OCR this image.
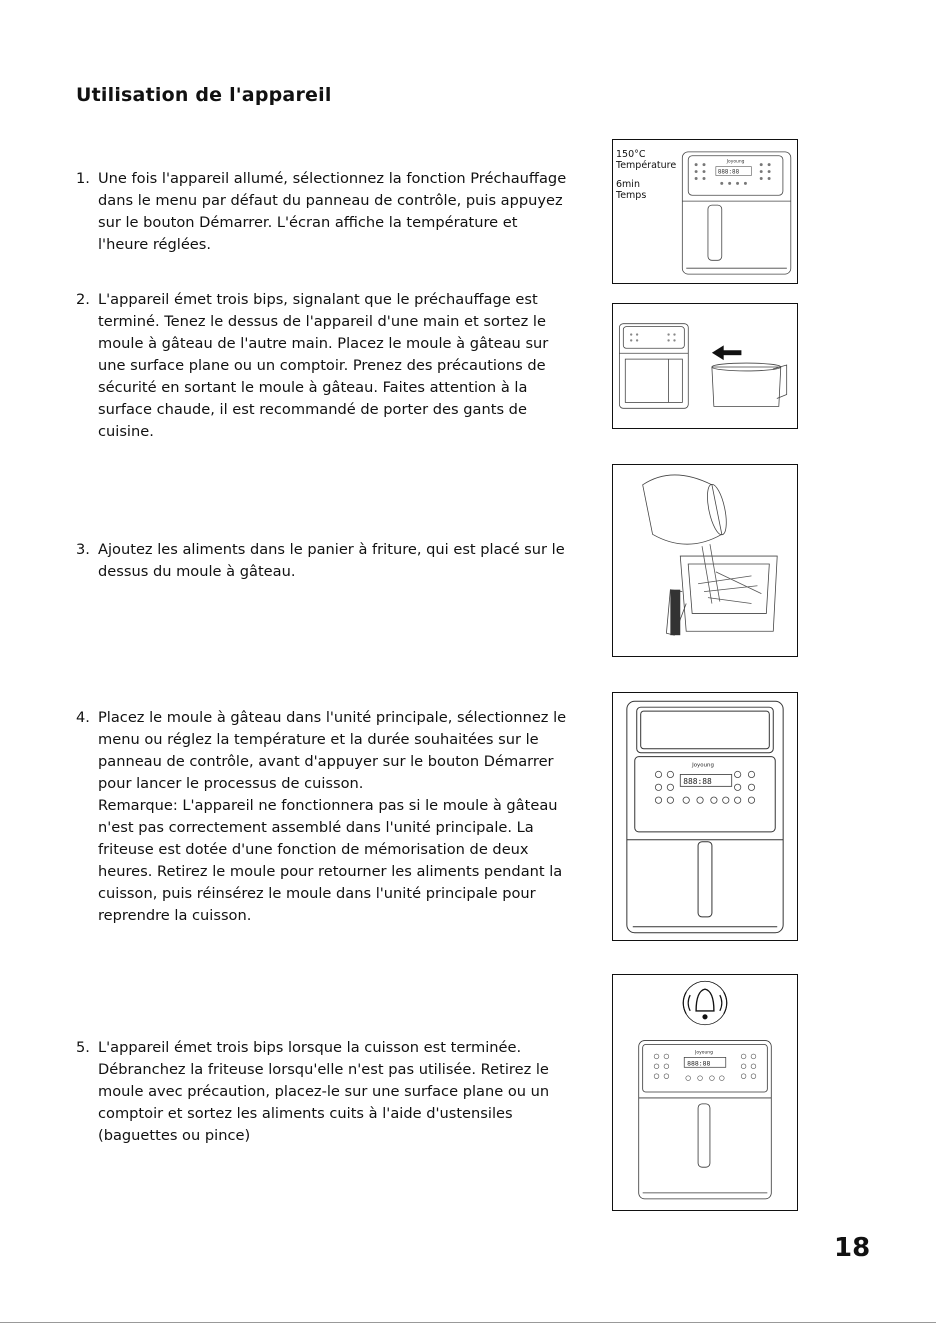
Utilisation de l'appareil
1. Une fois l'appareil allumé, sélectionnez la fonction Préchauffage
dans le menu par défaut du panneau de contrôle, puis appuyez
sur le bouton Démarrer. L'écran affiche la température et
l'heure réglées.
2. L'appareil émet trois bips, signalant que le préchauffage est
terminé. Tenez le dessus de l'appareil d'une main et sortez le
moule à gâteau de l'autre main. Placez le moule à gâteau sur
une surface plane ou un comptoir. Prenez des précautions de
sécurité en sortant le moule à gâteau. Faites attention à la
surface chaude, il est recommandé de porter des gants de
cuisine.
3. Ajoutez les aliments dans le panier à friture, qui est placé sur le
dessus du moule à gâteau.
4. Placez le moule à gâteau dans l'unité principale, sélectionnez le
menu ou réglez la température et la durée souhaitées sur le
panneau de contrôle, avant d'appuyer sur le bouton Démarrer
pour lancer le processus de cuisson.
Remarque: L'appareil ne fonctionnera pas si le moule à gâteau
n'est pas correctement assemblé dans l'unité principale. La
friteuse est dotée d'une fonction de mémorisation de deux
heures. Retirez le moule pour retourner les aliments pendant la
cuisson, puis réinsérez le moule dans l'unité principale pour
reprendre la cuisson.
5. L'appareil émet trois bips lorsque la cuisson est terminée.
Débranchez la friteuse lorsqu'elle n'est pas utilisée. Retirez le
moule avec précaution, placez-le sur une surface plane ou un
comptoir et sortez les aliments cuits à l'aide d'ustensiles
(baguettes ou pince)
150°C
Température
6min
Temps
Joyoung
888:88
Joyoung
888:88
Joyoung
888:88
18
